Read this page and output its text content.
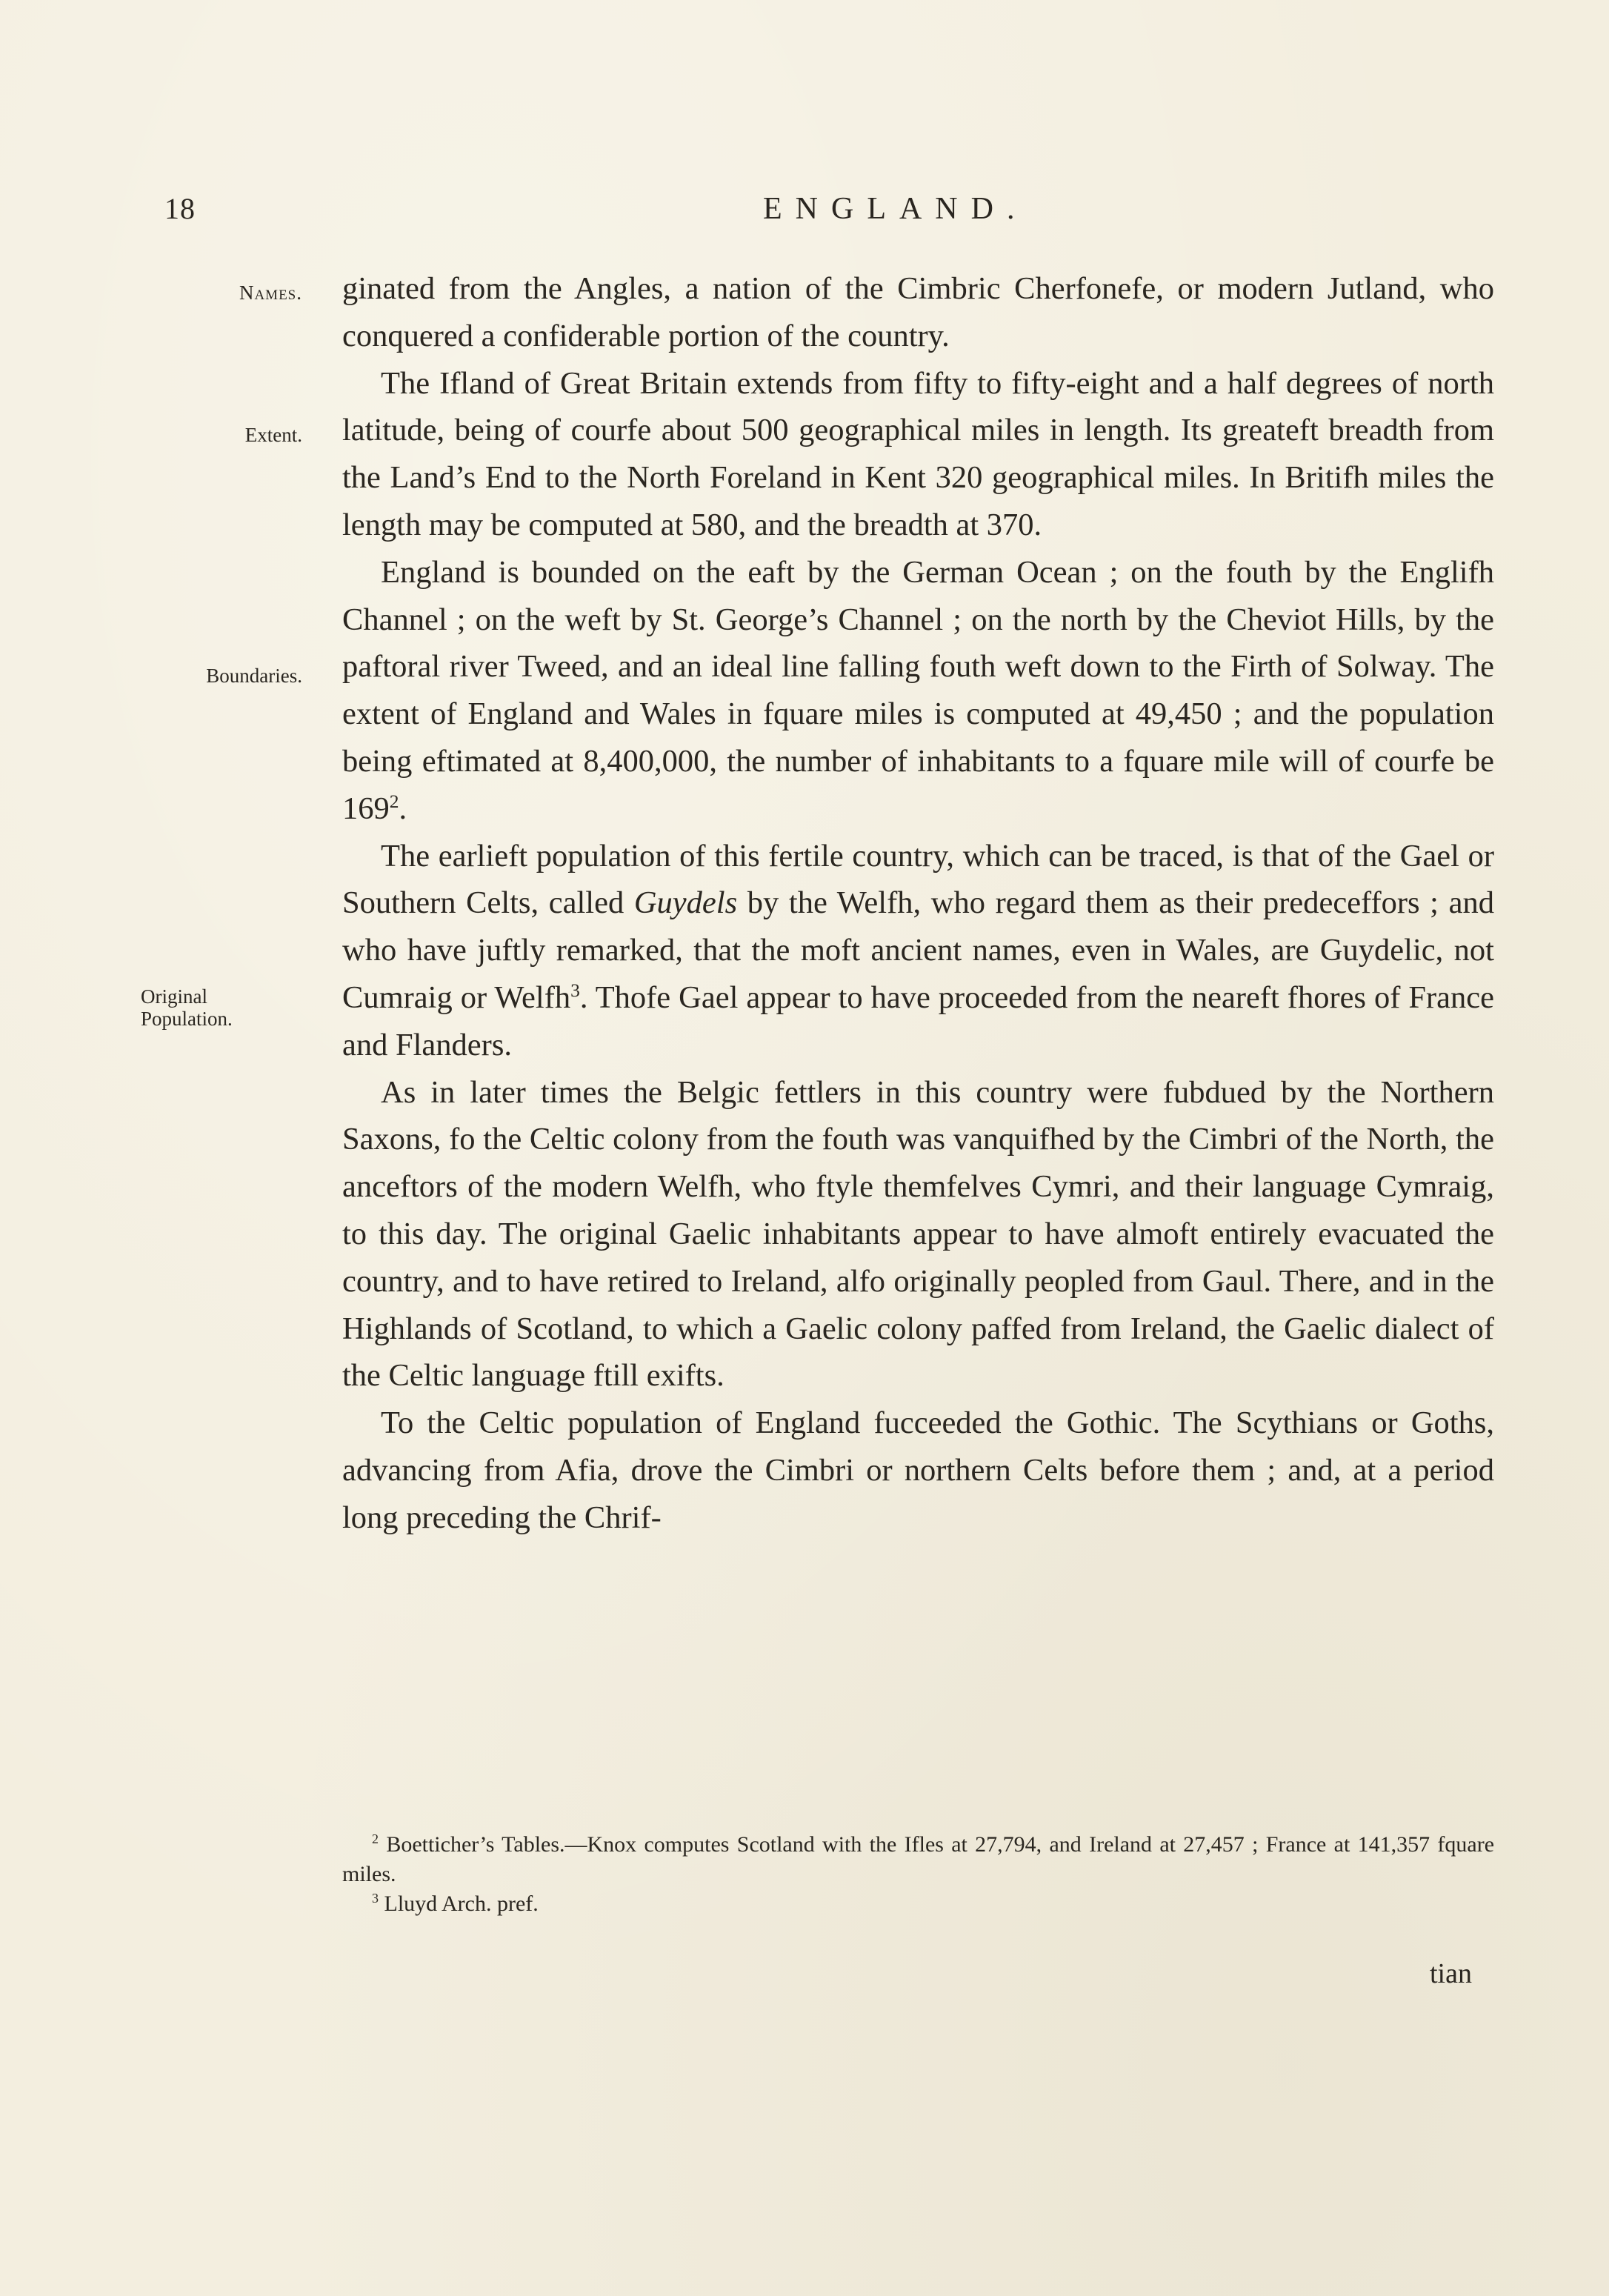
18	ENGLAND.
Names.
Extent.
Boundaries.
Original
Population.

ginated from the Angles, a nation of the Cimbric Cherfonefe, or modern Jutland, who conquered a confiderable portion of the country.

The Ifland of Great Britain extends from fifty to fifty-eight and a half degrees of north latitude, being of courfe about 500 geographical miles in length. Its greateft breadth from the Land’s End to the North Foreland in Kent 320 geographical miles. In Britifh miles the length may be computed at 580, and the breadth at 370.

England is bounded on the eaft by the German Ocean ; on the fouth by the Englifh Channel ; on the weft by St. George’s Channel ; on the north by the Cheviot Hills, by the paftoral river Tweed, and an ideal line falling fouth weft down to the Firth of Solway. The extent of England and Wales in fquare miles is computed at 49,450 ; and the population being eftimated at 8,400,000, the number of inhabitants to a fquare mile will of courfe be $169^2$.

The earlieft population of this fertile country, which can be traced, is that of the Gael or Southern Celts, called Guydels by the Welfh, who regard them as their predeceffors ; and who have juftly remarked, that the moft ancient names, even in Wales, are Guydelic, not Cumraig or Welfh$^3$. Thofe Gael appear to have proceeded from the neareft fhores of France and Flanders.

As in later times the Belgic fettlers in this country were fubdued by the Northern Saxons, fo the Celtic colony from the fouth was vanquifhed by the Cimbri of the North, the anceftors of the modern Welfh, who ftyle themfelves Cymri, and their language Cymraig, to this day. The original Gaelic inhabitants appear to have almoft entirely evacuated the country, and to have retired to Ireland, alfo originally peopled from Gaul. There, and in the Highlands of Scotland, to which a Gaelic colony paffed from Ireland, the Gaelic dialect of the Celtic language ftill exifts.

To the Celtic population of England fucceeded the Gothic. The Scythians or Goths, advancing from Afia, drove the Cimbri or northern Celts before them ; and, at a period long preceding the Chrif-

$^2$ Boetticher’s Tables.—Knox computes Scotland with the Ifles at 27,794, and Ireland at 27,457 ; France at 141,357 fquare miles.

$^3$ Lluyd Arch. pref.

tian
